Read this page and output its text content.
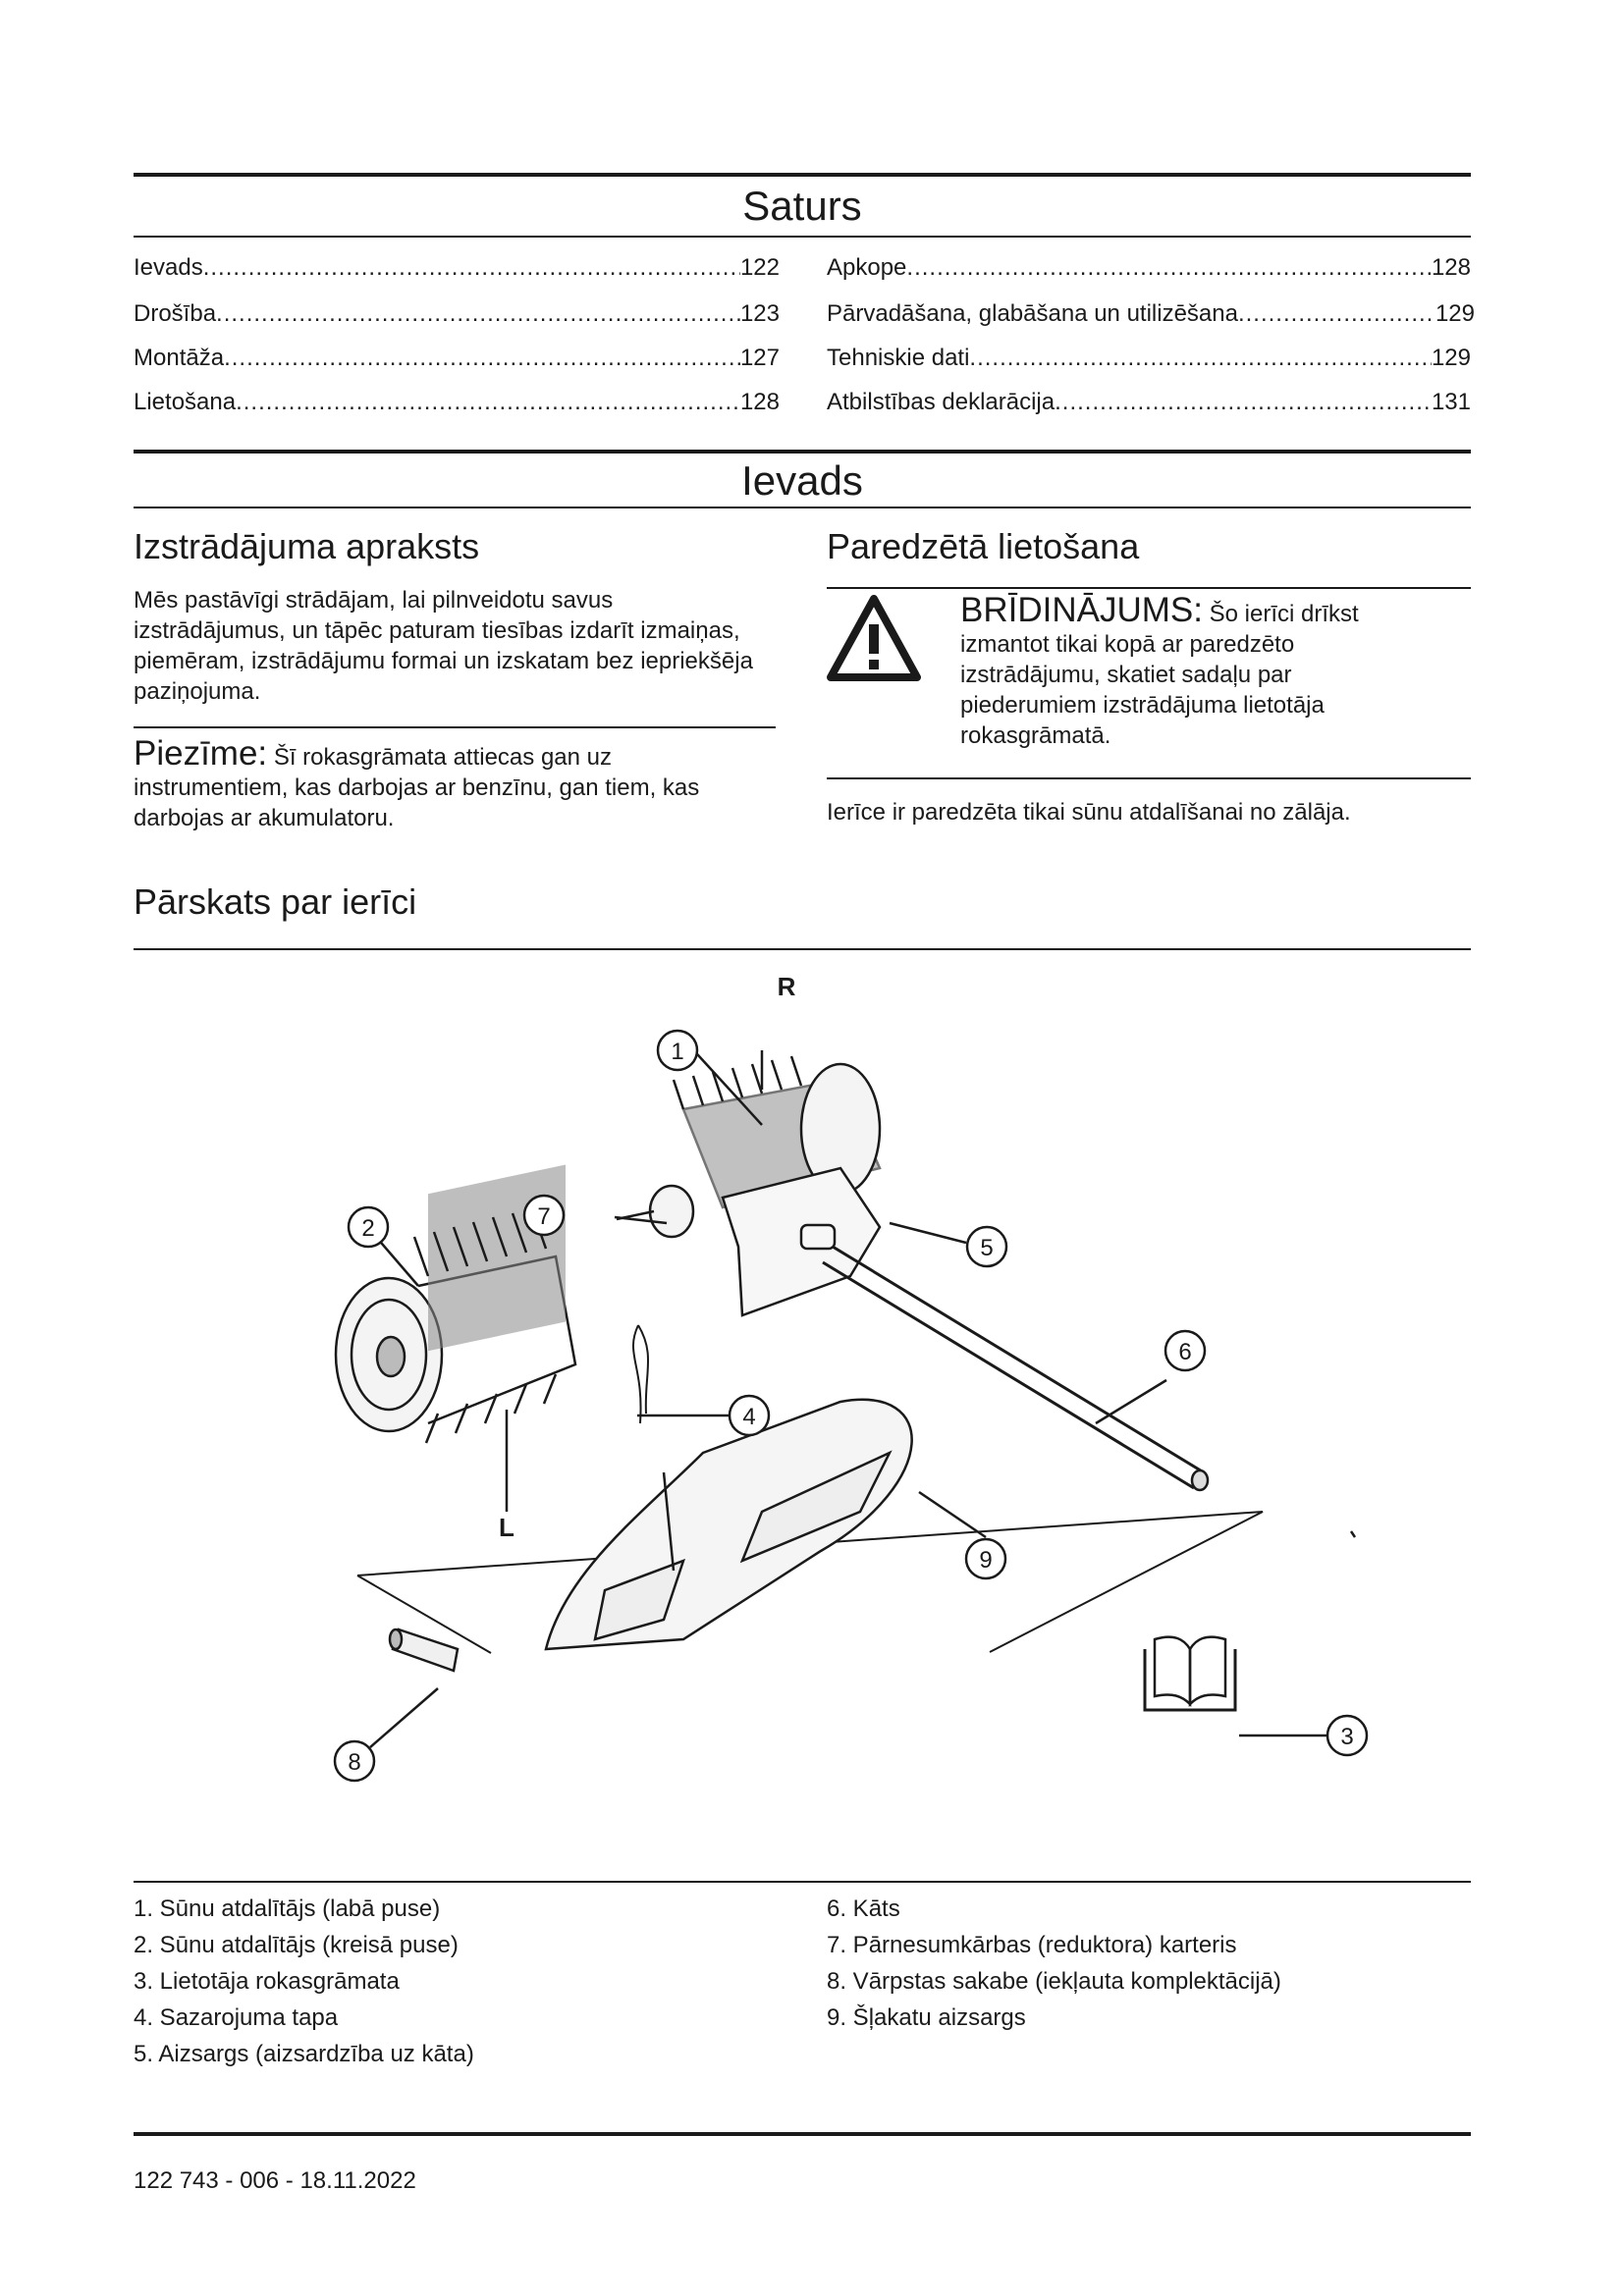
Saturs
Ievads .....	122
Drošība .....	123
Montāža .....	127
Lietošana .....	128
Apkope .....	128
Pārvadāšana, glabāšana un utilizēšana .....	129
Tehniskie dati .....	129
Atbilstības deklarācija .....	131
Ievads
Izstrādājuma apraksts
Mēs pastāvīgi strādājam, lai pilnveidotu savus izstrādājumus, un tāpēc paturam tiesības izdarīt izmaiņas, piemēram, izstrādājumu formai un izskatam bez iepriekšēja paziņojuma.
Piezīme: Šī rokasgrāmata attiecas gan uz instrumentiem, kas darbojas ar benzīnu, gan tiem, kas darbojas ar akumulatoru.
Paredzētā lietošana
BRĪDINĀJUMS: Šo ierīci drīkst izmantot tikai kopā ar paredzēto izstrādājumu, skatiet sadaļu par piederumiem izstrādājuma lietotāja rokasgrāmatā.
Ierīce ir paredzēta tikai sūnu atdalīšanai no zālāja.
Pārskats par ierīci
R
L
1
2
3
4
5
6
7
8
9
1. Sūnu atdalītājs (labā puse)
2. Sūnu atdalītājs (kreisā puse)
3. Lietotāja rokasgrāmata
4. Sazarojuma tapa
5. Aizsargs (aizsardzība uz kāta)
6. Kāts
7. Pārnesumkārbas (reduktora) karteris
8. Vārpstas sakabe (iekļauta komplektācijā)
9. Šļakatu aizsargs
122 743 - 006 - 18.11.2022
